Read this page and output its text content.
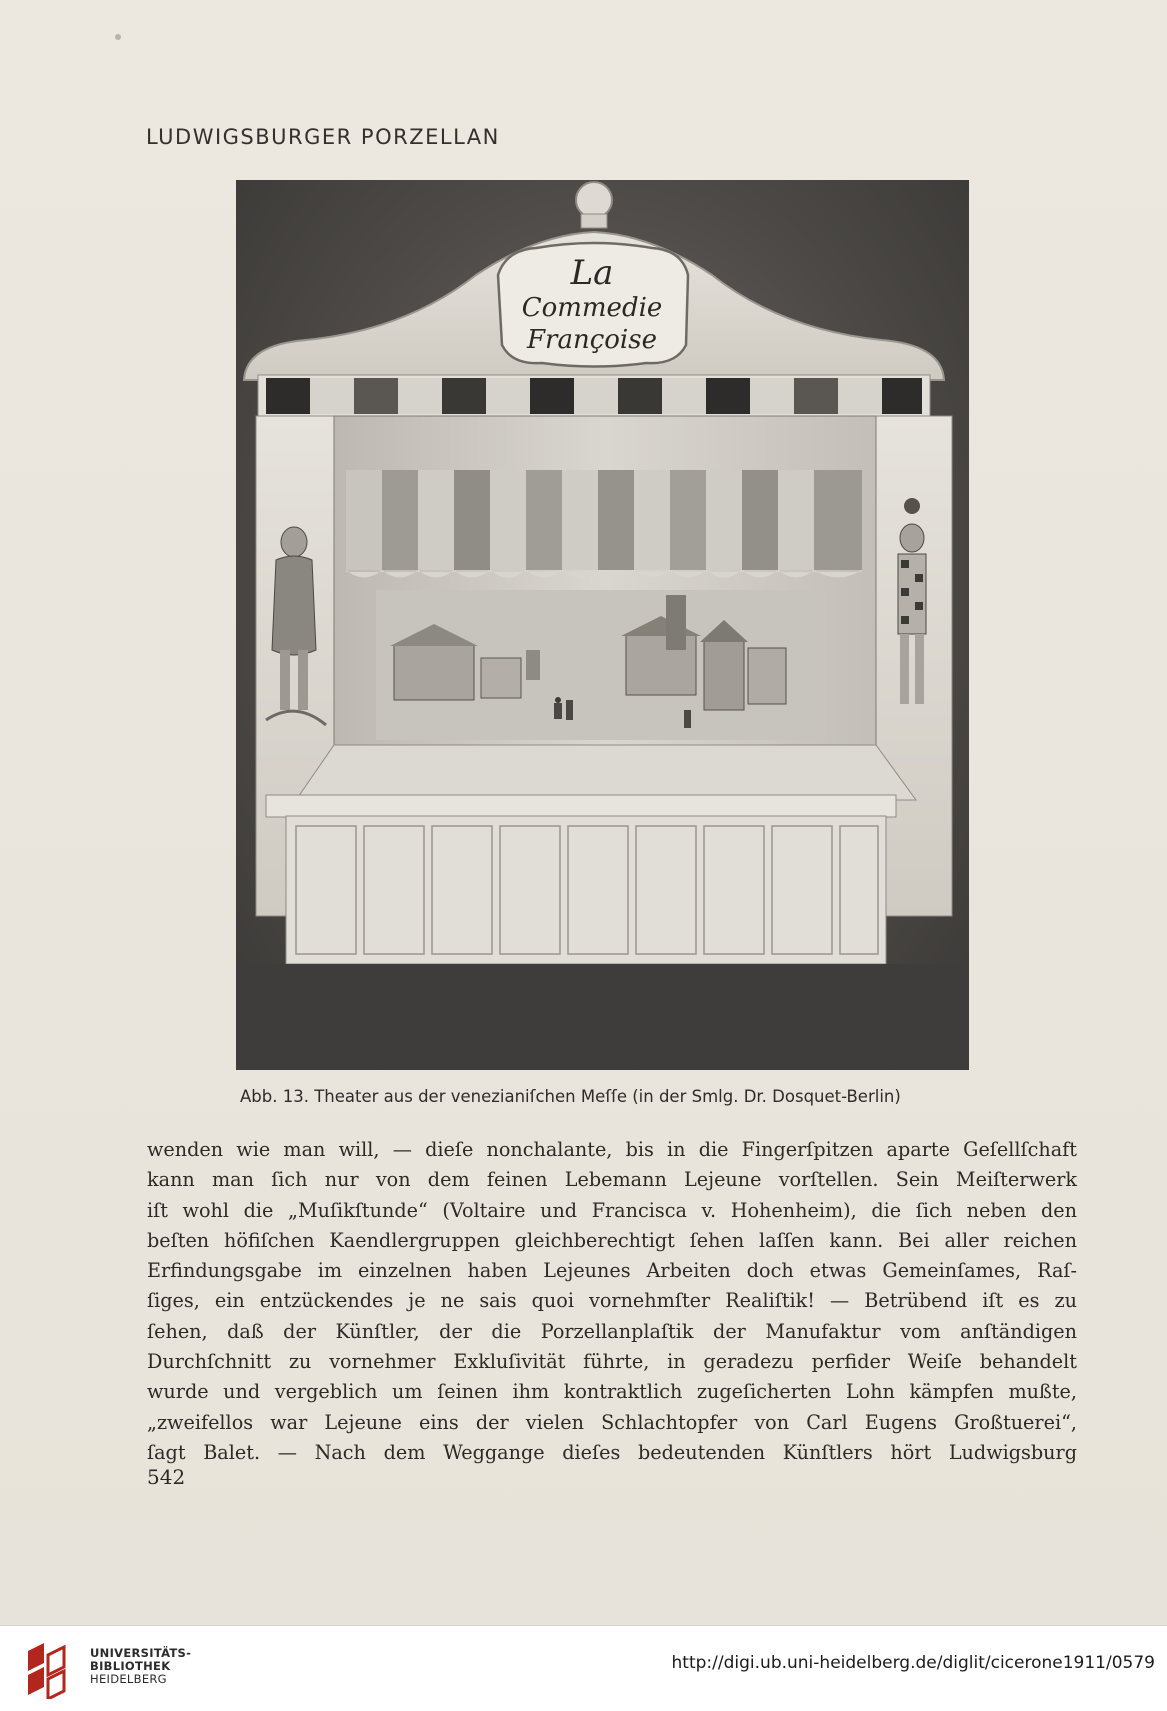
LUDWIGSBURGER PORZELLAN
La
Commedie
Françoise
Abb. 13. Theater aus der venezianiſchen Meſſe (in der Smlg. Dr. Dosquet-Berlin)
wenden wie man will, — dieſe nonchalante, bis in die Fingerſpitzen aparte Geſellſchaft
kann man ſich nur von dem feinen Lebemann Lejeune vorſtellen. Sein Meiſterwerk
iſt wohl die „Muſikſtunde“ (Voltaire und Francisca v. Hohenheim), die ſich neben den
beſten höfiſchen Kaendlergruppen gleichberechtigt ſehen laſſen kann. Bei aller reichen
Erfindungsgabe im einzelnen haben Lejeunes Arbeiten doch etwas Gemeinſames, Raſ-
ſiges, ein entzückendes je ne sais quoi vornehmſter Realiſtik! — Betrübend iſt es zu
ſehen, daß der Künſtler, der die Porzellanplaſtik der Manufaktur vom anſtändigen
Durchſchnitt zu vornehmer Exkluſivität führte, in geradezu perfider Weiſe behandelt
wurde und vergeblich um ſeinen ihm kontraktlich zugeſicherten Lohn kämpfen mußte,
„zweifellos war Lejeune eins der vielen Schlachtopfer von Carl Eugens Großtuerei“,
ſagt Balet. — Nach dem Weggange dieſes bedeutenden Künſtlers hört Ludwigsburg
542
UNIVERSITÄTS-
BIBLIOTHEK
HEIDELBERG
http://digi.ub.uni-heidelberg.de/diglit/cicerone1911/0579
